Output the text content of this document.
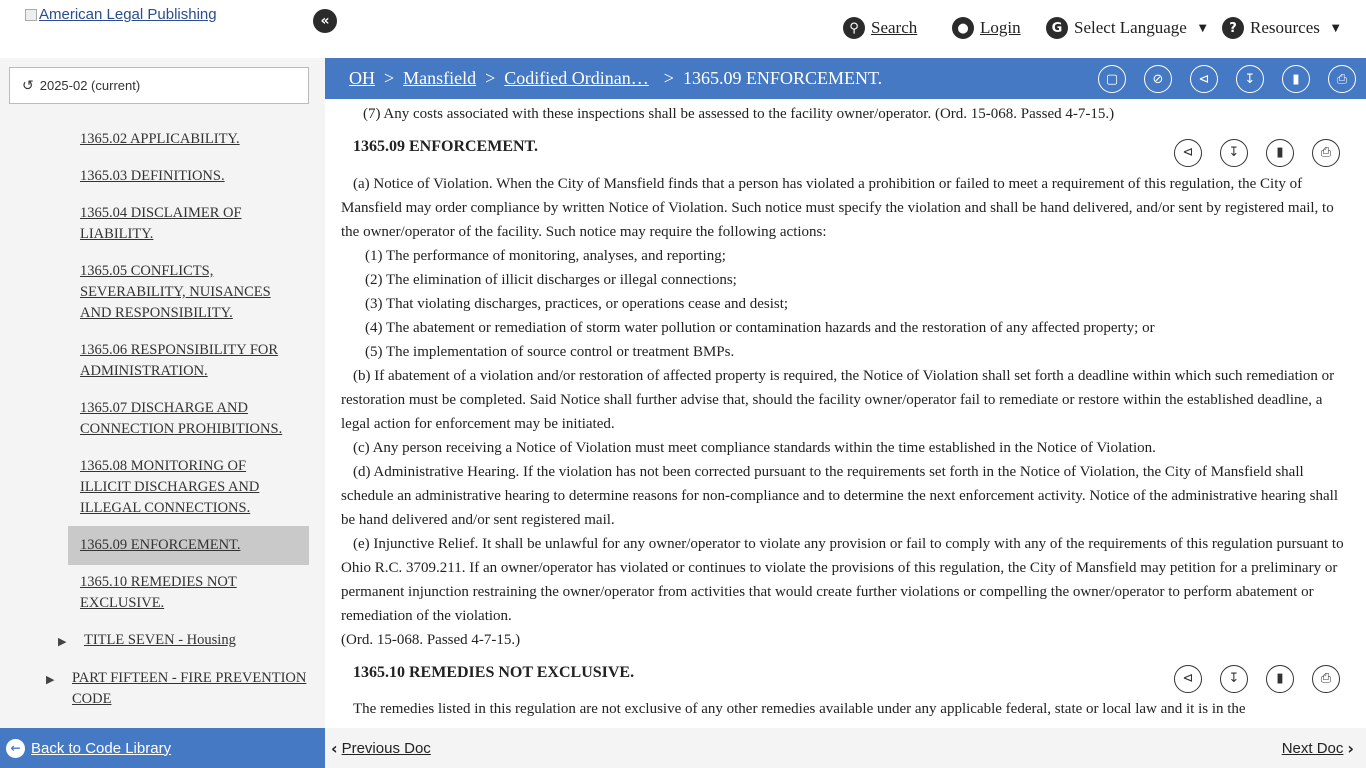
American Legal Publishing
⚲ Search	● Login	G Select Language ▼	? Resources ▼
↺ 2025-02 (current)
1365.02 APPLICABILITY.
1365.03 DEFINITIONS.
1365.04 DISCLAIMER OF LIABILITY.
1365.05 CONFLICTS, SEVERABILITY, NUISANCES AND RESPONSIBILITY.
1365.06 RESPONSIBILITY FOR ADMINISTRATION.
1365.07 DISCHARGE AND CONNECTION PROHIBITIONS.
1365.08 MONITORING OF ILLICIT DISCHARGES AND ILLEGAL CONNECTIONS.
1365.09 ENFORCEMENT.
1365.10 REMEDIES NOT EXCLUSIVE.
▶ TITLE SEVEN - Housing
▶ PART FIFTEEN - FIRE PREVENTION CODE
«
OH > Mansfield > Codified Ordinan… > 1365.09 ENFORCEMENT.	▢	⊘	⊲	↧	▮	⎙
(7) Any costs associated with these inspections shall be assessed to the facility owner/operator. (Ord. 15-068. Passed 4-7-15.)
1365.09 ENFORCEMENT.	⊲	↧	▮	⎙
(a) Notice of Violation. When the City of Mansfield finds that a person has violated a prohibition or failed to meet a requirement of this regulation, the City of Mansfield may order compliance by written Notice of Violation. Such notice must specify the violation and shall be hand delivered, and/or sent by registered mail, to the owner/operator of the facility. Such notice may require the following actions:
(1) The performance of monitoring, analyses, and reporting;
(2) The elimination of illicit discharges or illegal connections;
(3) That violating discharges, practices, or operations cease and desist;
(4) The abatement or remediation of storm water pollution or contamination hazards and the restoration of any affected property; or
(5) The implementation of source control or treatment BMPs.
(b) If abatement of a violation and/or restoration of affected property is required, the Notice of Violation shall set forth a deadline within which such remediation or restoration must be completed. Said Notice shall further advise that, should the facility owner/operator fail to remediate or restore within the established deadline, a legal action for enforcement may be initiated.
(c) Any person receiving a Notice of Violation must meet compliance standards within the time established in the Notice of Violation.
(d) Administrative Hearing. If the violation has not been corrected pursuant to the requirements set forth in the Notice of Violation, the City of Mansfield shall schedule an administrative hearing to determine reasons for non-compliance and to determine the next enforcement activity. Notice of the administrative hearing shall be hand delivered and/or sent registered mail.
(e) Injunctive Relief. It shall be unlawful for any owner/operator to violate any provision or fail to comply with any of the requirements of this regulation pursuant to Ohio R.C. 3709.211. If an owner/operator has violated or continues to violate the provisions of this regulation, the City of Mansfield may petition for a preliminary or permanent injunction restraining the owner/operator from activities that would create further violations or compelling the owner/operator to perform abatement or remediation of the violation.
(Ord. 15-068. Passed 4-7-15.)
1365.10 REMEDIES NOT EXCLUSIVE.	⊲	↧	▮	⎙
The remedies listed in this regulation are not exclusive of any other remedies available under any applicable federal, state or local law and it is in the
← Back to Code Library	‹ Previous Doc	Next Doc ›
